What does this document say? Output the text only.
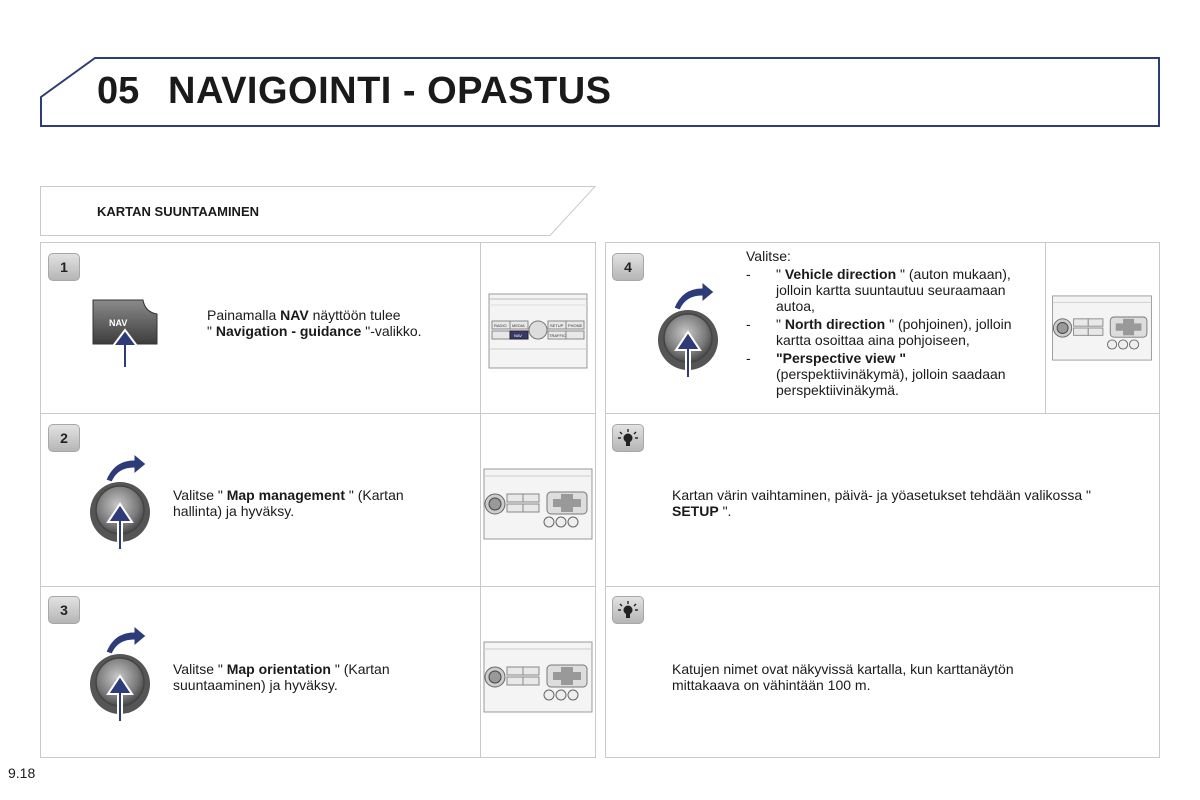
05 NAVIGOINTI - OPASTUS
KARTAN SUUNTAAMINEN
1
NAV	Painamalla NAV näyttöön tulee
" Navigation - guidance "-valikko.	RADIO MEDIA
NAV
SETUP PHONE
TRAFFIC
2
Valitse " Map management " (Kartan
hallinta) ja hyväksy.
3
Valitse " Map orientation " (Kartan
suuntaaminen) ja hyväksy.
4
Valitse:
- " Vehicle direction " (auton mukaan), jolloin kartta suuntautuu seuraamaan autoa,
- " North direction " (pohjoinen), jolloin kartta osoittaa aina pohjoiseen,
- "Perspective view " (perspektiivinäkymä), jolloin saadaan perspektiivinäkymä.
Kartan värin vaihtaminen, päivä- ja yöasetukset tehdään valikossa " SETUP ".
Katujen nimet ovat näkyvissä kartalla, kun karttanäytön mittakaava on vähintään 100 m.
9.18
